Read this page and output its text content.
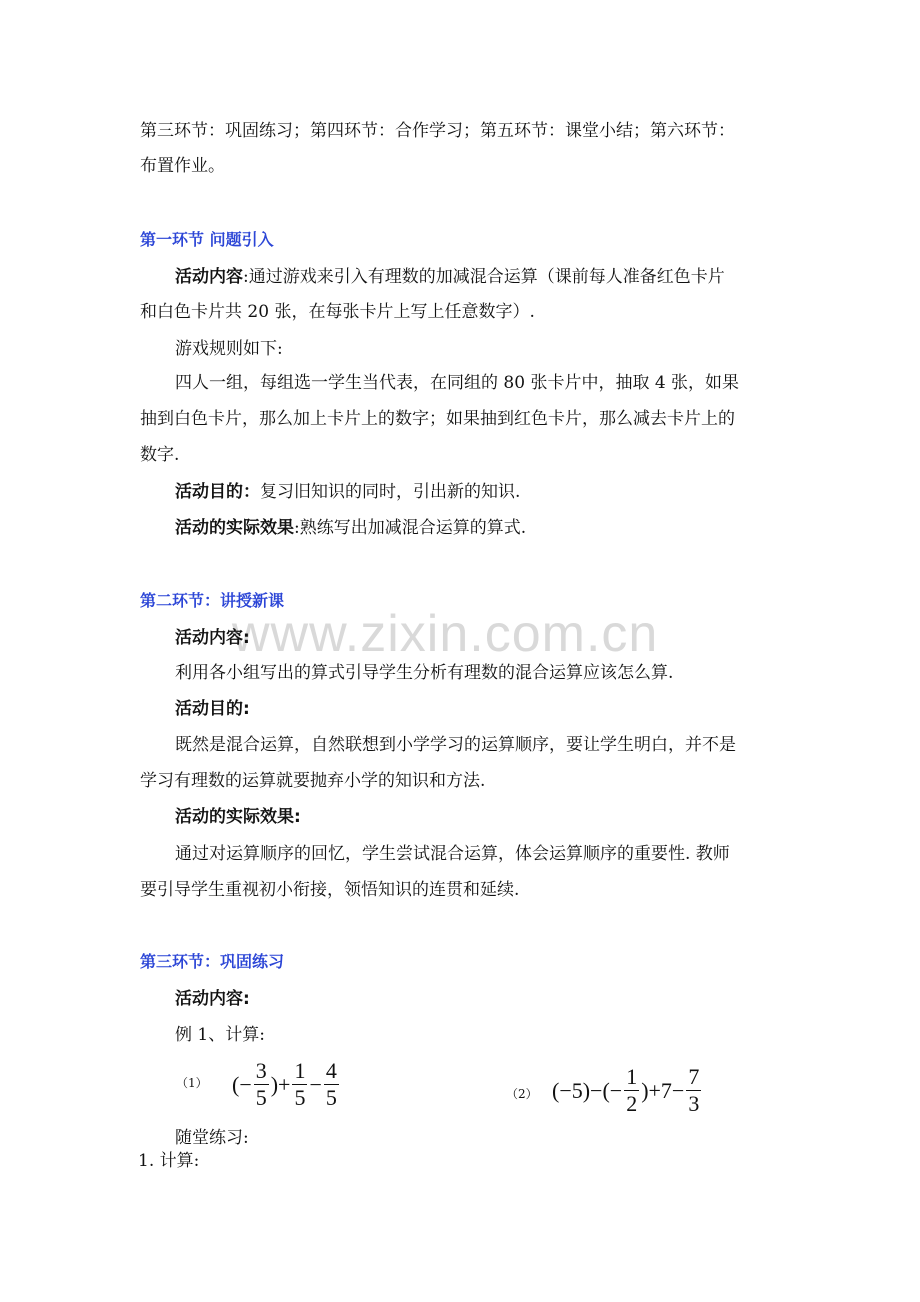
www.zixin.com.cn
第三环节：巩固练习；第四环节：合作学习；第五环节：课堂小结；第六环节：
布置作业。
第一环节 问题引入
活动内容:通过游戏来引入有理数的加减混合运算（课前每人准备红色卡片
和白色卡片共 20 张，在每张卡片上写上任意数字）.
游戏规则如下:
四人一组，每组选一学生当代表，在同组的 80 张卡片中，抽取 4 张，如果
抽到白色卡片，那么加上卡片上的数字；如果抽到红色卡片，那么减去卡片上的
数字.
活动目的：复习旧知识的同时，引出新的知识.
活动的实际效果:熟练写出加减混合运算的算式.
第二环节：讲授新课
活动内容:
利用各小组写出的算式引导学生分析有理数的混合运算应该怎么算.
活动目的:
既然是混合运算，自然联想到小学学习的运算顺序，要让学生明白，并不是
学习有理数的运算就要抛弃小学的知识和方法.
活动的实际效果:
通过对运算顺序的回忆，学生尝试混合运算，体会运算顺序的重要性. 教师
要引导学生重视初小衔接，领悟知识的连贯和延续.
第三环节：巩固练习
活动内容:
例 1、计算:
（1） (− $\frac{3}{5}$ )+ $\frac{1}{5} - \frac{4}{5}$	（2） $(-5)-(- \frac{1}{2} )+7- \frac{7}{3}$
随堂练习:
1. 计算:
